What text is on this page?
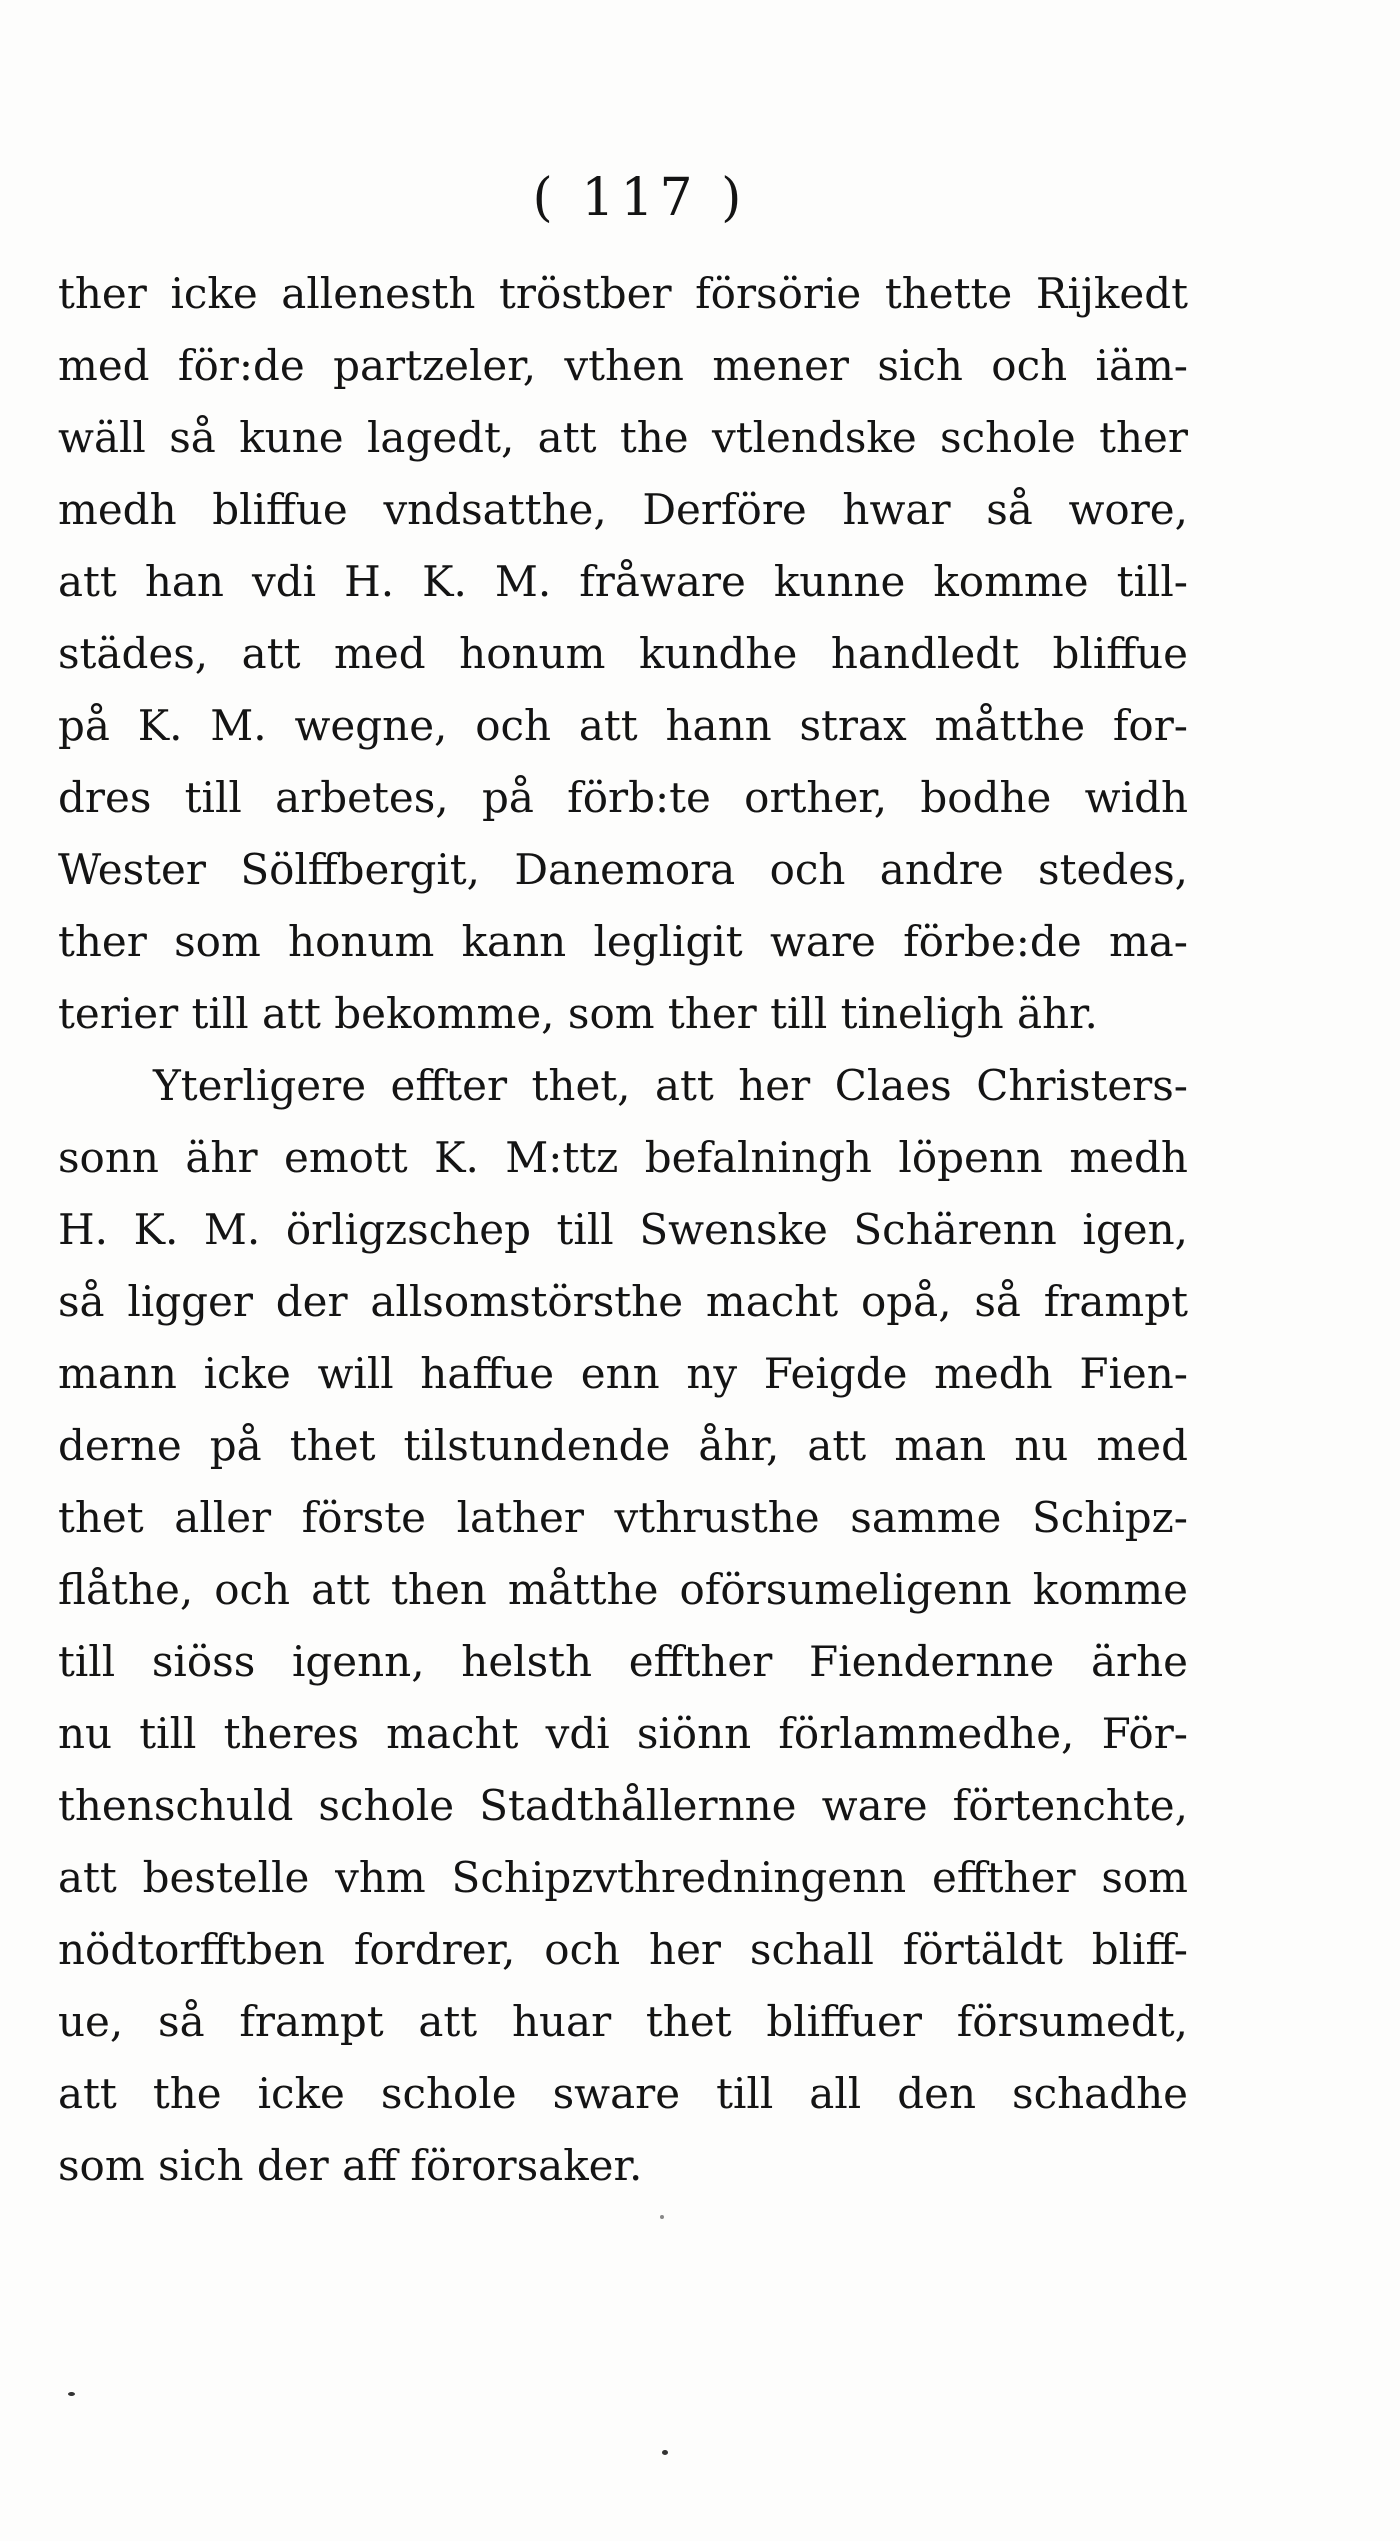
( 117 )
ther icke allenesth tröstber försörie thette Rijkedt
med för:de partzeler, vthen mener sich och iäm-
wäll så kune lagedt, att the vtlendske schole ther
medh bliffue vndsatthe, Derföre hwar så wore,
att han vdi H. K. M. fråware kunne komme till-
städes, att med honum kundhe handledt bliffue
på K. M. wegne, och att hann strax måtthe for-
dres till arbetes, på förb:te orther, bodhe widh
Wester Sölffbergit, Danemora och andre stedes,
ther som honum kann legligit ware förbe:de ma-
terier till att bekomme, som ther till tineligh ähr.
Yterligere effter thet, att her Claes Christers-
sonn ähr emott K. M:ttz befalningh löpenn medh
H. K. M. örligzschep till Swenske Schärenn igen,
så ligger der allsomstörsthe macht opå, så frampt
mann icke will haffue enn ny Feigde medh Fien-
derne på thet tilstundende åhr, att man nu med
thet aller förste lather vthrusthe samme Schipz-
flåthe, och att then måtthe oförsumeligenn komme
till siöss igenn, helsth effther Fiendernne ärhe
nu till theres macht vdi siönn förlammedhe, För-
thenschuld schole Stadthållernne ware förtenchte,
att bestelle vhm Schipzvthredningenn effther som
nödtorfftben fordrer, och her schall förtäldt bliff-
ue, så frampt att huar thet bliffuer försumedt,
att the icke schole sware till all den schadhe
som sich der aff förorsaker.
